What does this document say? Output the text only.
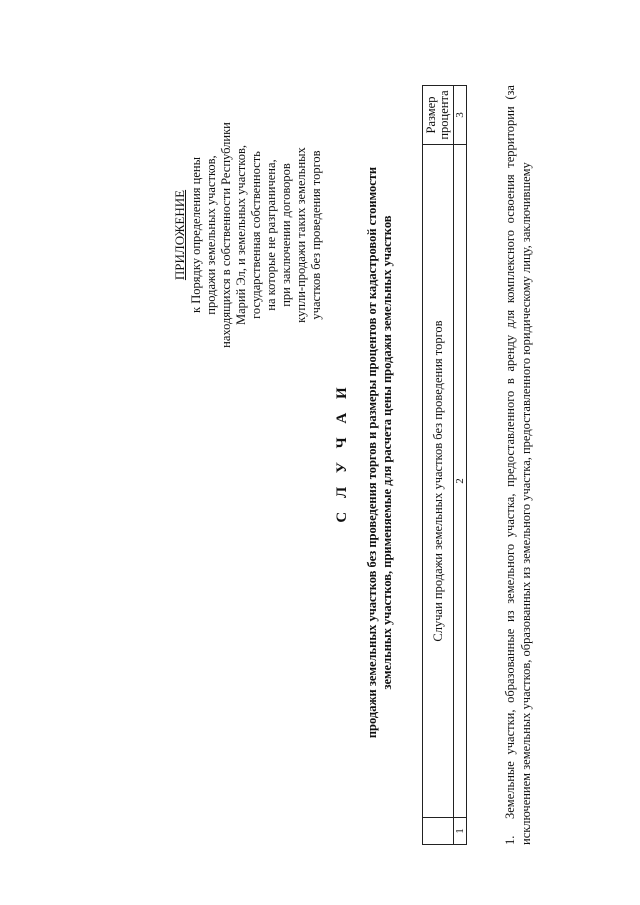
ПРИЛОЖЕНИЕ к Порядку определения цены продажи земельных участков, находящихся в собственности Республики Марий Эл, и земельных участков, государственная собственность на которые не разграничена, при заключении договоров купли-продажи таких земельных участков без проведения торгов
С Л У Ч А И продажи земельных участков без проведения торгов и размеры процентов от кадастровой стоимости земельных участков, применяемые для расчета цены продажи земельных участков
		Случаи продажи земельных участков без проведения торгов	Размер процента
1	2	3
1.Земельные участки, образованные из земельного участка, предоставленного в аренду для комплексного освоения территории (за исключением земельных участков, образованных из земельного участка, предоставленного юридическому лицу, заключившему
